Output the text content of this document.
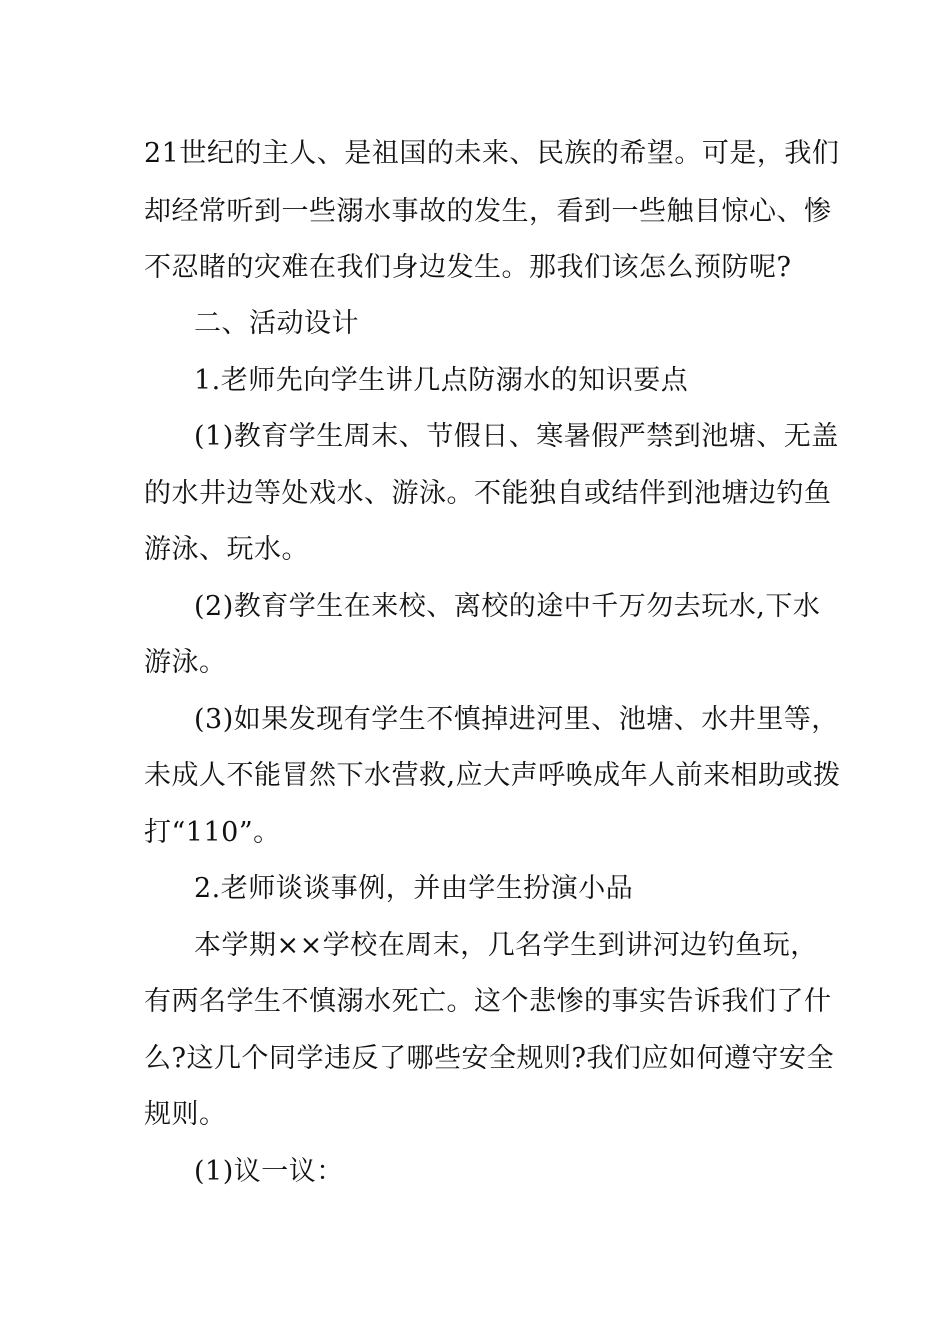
21世纪的主人、是祖国的未来、民族的希望。可是，我们
却经常听到一些溺水事故的发生，看到一些触目惊心、惨
不忍睹的灾难在我们身边发生。那我们该怎么预防呢?
二、活动设计
1.老师先向学生讲几点防溺水的知识要点
(1)教育学生周末、节假日、寒暑假严禁到池塘、无盖
的水井边等处戏水、游泳。不能独自或结伴到池塘边钓鱼
游泳、玩水。
(2)教育学生在来校、离校的途中千万勿去玩水,下水
游泳。
(3)如果发现有学生不慎掉进河里、池塘、水井里等，
未成人不能冒然下水营救,应大声呼唤成年人前来相助或拨
打“110”。
2.老师谈谈事例，并由学生扮演小品
本学期××学校在周末，几名学生到讲河边钓鱼玩，
有两名学生不慎溺水死亡。这个悲惨的事实告诉我们了什
么?这几个同学违反了哪些安全规则?我们应如何遵守安全
规则。
(1)议一议：
